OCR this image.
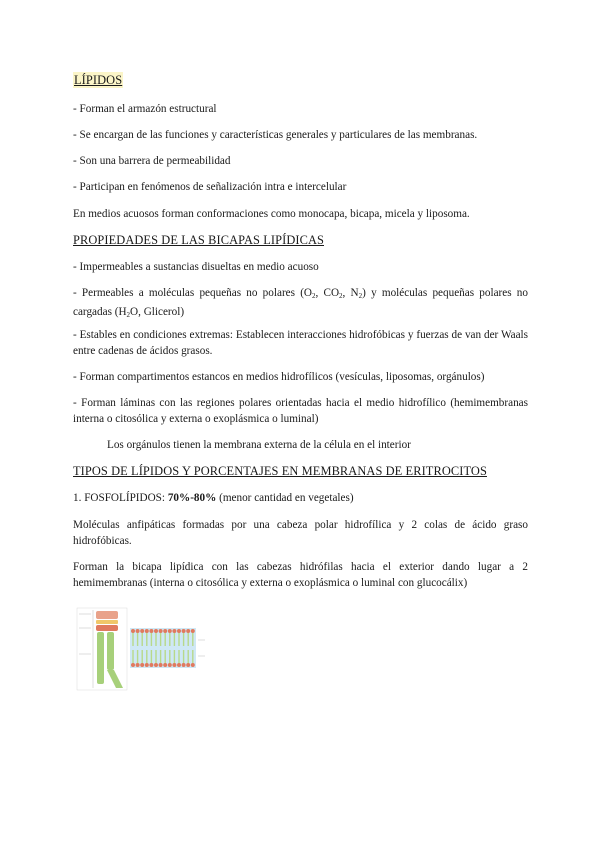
LÍPIDOS
- Forman el armazón estructural
- Se encargan de las funciones y características generales y particulares de las membranas.
- Son una barrera de permeabilidad
- Participan en fenómenos de señalización intra e intercelular
En medios acuosos forman conformaciones como monocapa, bicapa, micela y liposoma.
PROPIEDADES DE LAS BICAPAS LIPÍDICAS
- Impermeables a sustancias disueltas en medio acuoso
- Permeables a moléculas pequeñas no polares ($O_2$, $CO_2$, $N_2$) y moléculas pequeñas polares no cargadas ($H_2O$, Glicerol)
- Estables en condiciones extremas: Establecen interacciones hidrofóbicas y fuerzas de van der Waals entre cadenas de ácidos grasos.
- Forman compartimentos estancos en medios hidrofílicos (vesículas, liposomas, orgánulos)
- Forman láminas con las regiones polares orientadas hacia el medio hidrofílico (hemimembranas interna o citosólica y externa o exoplásmica o luminal)
Los orgánulos tienen la membrana externa de la célula en el interior
TIPOS DE LÍPIDOS Y PORCENTAJES EN MEMBRANAS DE ERITROCITOS
1. FOSFOLÍPIDOS: 70%-80% (menor cantidad en vegetales)
Moléculas anfipáticas formadas por una cabeza polar hidrofílica y 2 colas de ácido graso hidrofóbicas.
Forman la bicapa lipídica con las cabezas hidrófilas hacia el exterior dando lugar a 2 hemimembranas (interna o citosólica y externa o exoplásmica o luminal con glucocálix)
